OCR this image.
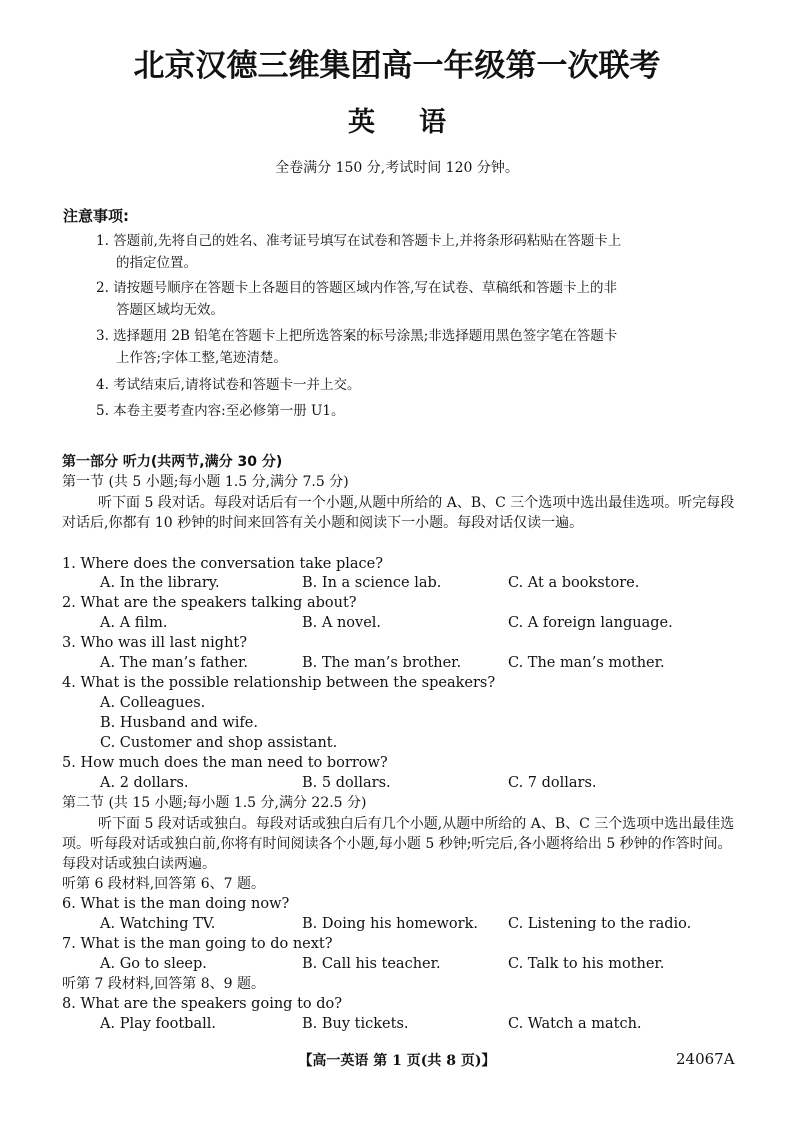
北京汉德三维集团高一年级第一次联考
英语
全卷满分 150 分,考试时间 120 分钟。
注意事项:
1. 答题前,先将自己的姓名、准考证号填写在试卷和答题卡上,并将条形码粘贴在答题卡上
的指定位置。
2. 请按题号顺序在答题卡上各题目的答题区域内作答,写在试卷、草稿纸和答题卡上的非
答题区域均无效。
3. 选择题用 2B 铅笔在答题卡上把所选答案的标号涂黑;非选择题用黑色签字笔在答题卡
上作答;字体工整,笔迹清楚。
4. 考试结束后,请将试卷和答题卡一并上交。
5. 本卷主要考查内容:至必修第一册 U1。
第一部分 听力(共两节,满分 30 分)
第一节 (共 5 小题;每小题 1.5 分,满分 7.5 分)
听下面 5 段对话。每段对话后有一个小题,从题中所给的 A、B、C 三个选项中选出最佳选项。听完每段对话后,你都有 10 秒钟的时间来回答有关小题和阅读下一小题。每段对话仅读一遍。
1. Where does the conversation take place?
A. In the library.	B. In a science lab.	C. At a bookstore.
2. What are the speakers talking about?
A. A film.	B. A novel.	C. A foreign language.
3. Who was ill last night?
A. The man’s father.	B. The man’s brother.	C. The man’s mother.
4. What is the possible relationship between the speakers?
A. Colleagues.
B. Husband and wife.
C. Customer and shop assistant.
5. How much does the man need to borrow?
A. 2 dollars.	B. 5 dollars.	C. 7 dollars.
第二节 (共 15 小题;每小题 1.5 分,满分 22.5 分)
听下面 5 段对话或独白。每段对话或独白后有几个小题,从题中所给的 A、B、C 三个选项中选出最佳选项。听每段对话或独白前,你将有时间阅读各个小题,每小题 5 秒钟;听完后,各小题将给出 5 秒钟的作答时间。每段对话或独白读两遍。
听第 6 段材料,回答第 6、7 题。
6. What is the man doing now?
A. Watching TV.	B. Doing his homework. C. Listening to the radio.
7. What is the man going to do next?
A. Go to sleep.	B. Call his teacher.	C. Talk to his mother.
听第 7 段材料,回答第 8、9 题。
8. What are the speakers going to do?
A. Play football.	B. Buy tickets.	C. Watch a match.
【高一英语 第 1 页(共 8 页)】	24067A
